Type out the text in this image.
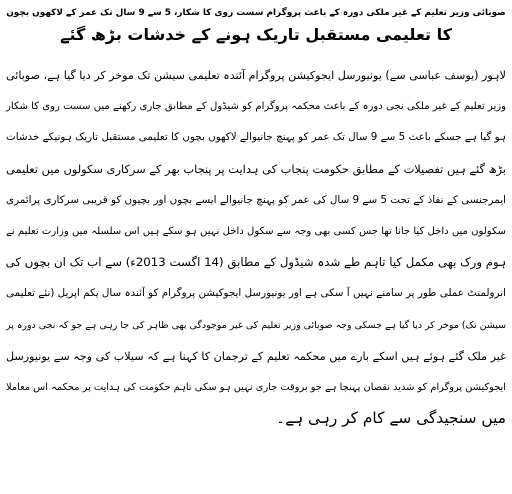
صوبائی وزیر تعلیم کے غیر ملکی دورہ کے باعث پروگرام سست روی کا شکار، 5 سے 9 سال تک عمر کے لاکھوں بچوں
کا تعلیمی مستقبل تاریک ہونے کے خدشات بڑھ گئے
لاہور (یوسف عباسی سے) یونیورسل ایجوکیشن پروگرام آئندہ تعلیمی سیشن تک موخر کر دیا گیا ہے، صوبائی
وزیر تعلیم کے غیر ملکی نجی دورہ کے باعث محکمہ پروگرام کو شیڈول کے مطابق جاری رکھنے میں سست روی کا شکار
ہو گیا ہے جسکے باعث 5 سے 9 سال تک عمر کو پہنچ جانیوالے لاکھوں بچوں کا تعلیمی مستقبل تاریک ہونیکے خدشات
بڑھ گئے ہیں تفصیلات کے مطابق حکومت پنجاب کی ہدایت پر پنجاب بھر کے سرکاری سکولوں میں تعلیمی
ایمرجنسی کے نفاذ کے تحت 5 سے 9 سال کی عمر کو پہنچ جانیوالے ایسے بچوں اور بچیوں کو قریبی سرکاری پرائمری
سکولوں میں داخل کیا جانا تھا جس کسی بھی وجہ سے سکول داخل نہیں ہو سکے ہیں اس سلسلہ میں وزارت تعلیم نے
ہوم ورک بھی مکمل کیا تاہم طے شدہ شیڈول کے مطابق (14 اگست 2013ء) سے اب تک ان بچوں کی
انرولمنٹ عملی طور پر سامنے نہیں آ سکی ہے اور یونیورسل ایجوکیشن پروگرام کو آئندہ سال یکم اپریل (نئے تعلیمی
سیشن تک) موخر کر دیا گیا ہے جسکی وجہ صوبائی وزیر تعلیم کی غیر موجودگی بھی ظاہر کی جا رہی ہے جو کہ نجی دورہ پر
غیر ملک گئے ہوئے ہیں اسکے بارے میں محکمہ تعلیم کے ترجمان کا کہنا ہے کہ سیلاب کی وجہ سے یونیورسل
ایجوکیشن پروگرام کو شدید نقصان پہنچا ہے جو بروقت جاری نہیں ہو سکی تاہم حکومت کی ہدایت پر محکمہ اس معاملا
میں سنجیدگی سے کام کر رہی ہے۔
